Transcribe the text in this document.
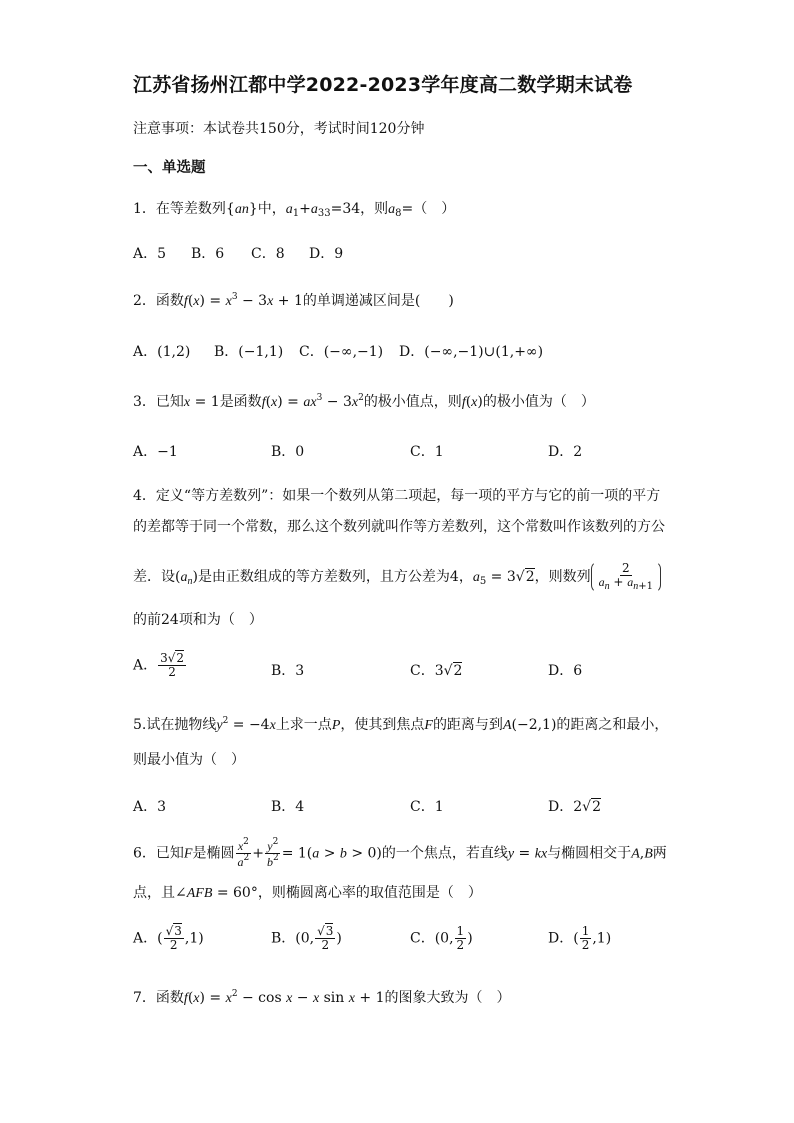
江苏省扬州江都中学2022-2023学年度高二数学期末试卷
注意事项：本试卷共150分，考试时间120分钟
一、单选题
1．在等差数列{an}中，$a_1+a_{33}=34$，则$a_8=$（　）
A．5 B．6 C．8 D．9
2．函数$f(x) = x^3 - 3x + 1$的单调递减区间是(　　)
A．(1,2) B．(−1,1) C．(−∞,−1) D．(−∞,−1)∪(1,+∞)
3．已知x = 1是函数$f(x) = ax^3 - 3x^2$的极小值点，则f(x)的极小值为（　）
A．−1	B．0	C．1	D．2
4．定义“等方差数列”：如果一个数列从第二项起，每一项的平方与它的前一项的平方
的差都等于同一个常数，那么这个数列就叫作等方差数列，这个常数叫作该数列的方公
差．设$(a_n)$是由正数组成的等方差数列，且方公差为4，$a_5 = 3√2$，则数列 $\frac{2}{a_n + a_{n+1}}$
的前24项和为（　）
A． $\frac{3√2}{2}$	B．3	C．3√2	D．6
5.试在抛物线$y^2 = -4x$上求一点P，使其到焦点F的距离与到A(−2,1)的距离之和最小，
则最小值为（　）
A．3	B．4	C．1	D．2√2
6．已知F是椭圆 $\frac{x^2}{a^2} + \frac{y^2}{b^2} = 1(a > b > 0)$的一个焦点，若直线y = kx与椭圆相交于A,B两
点，且∠AFB = 60°，则椭圆离心率的取值范围是（　）
A．( $\frac{√3}{2} ,1$)	B．(0, $\frac{√3}{2}$ )	C．(0, $\frac{1}{2}$ )	D．( $\frac{1}{2} ,1$)
7．函数$f(x) = x^2 - \cos x - x$ sin x + 1的图象大致为（　）
